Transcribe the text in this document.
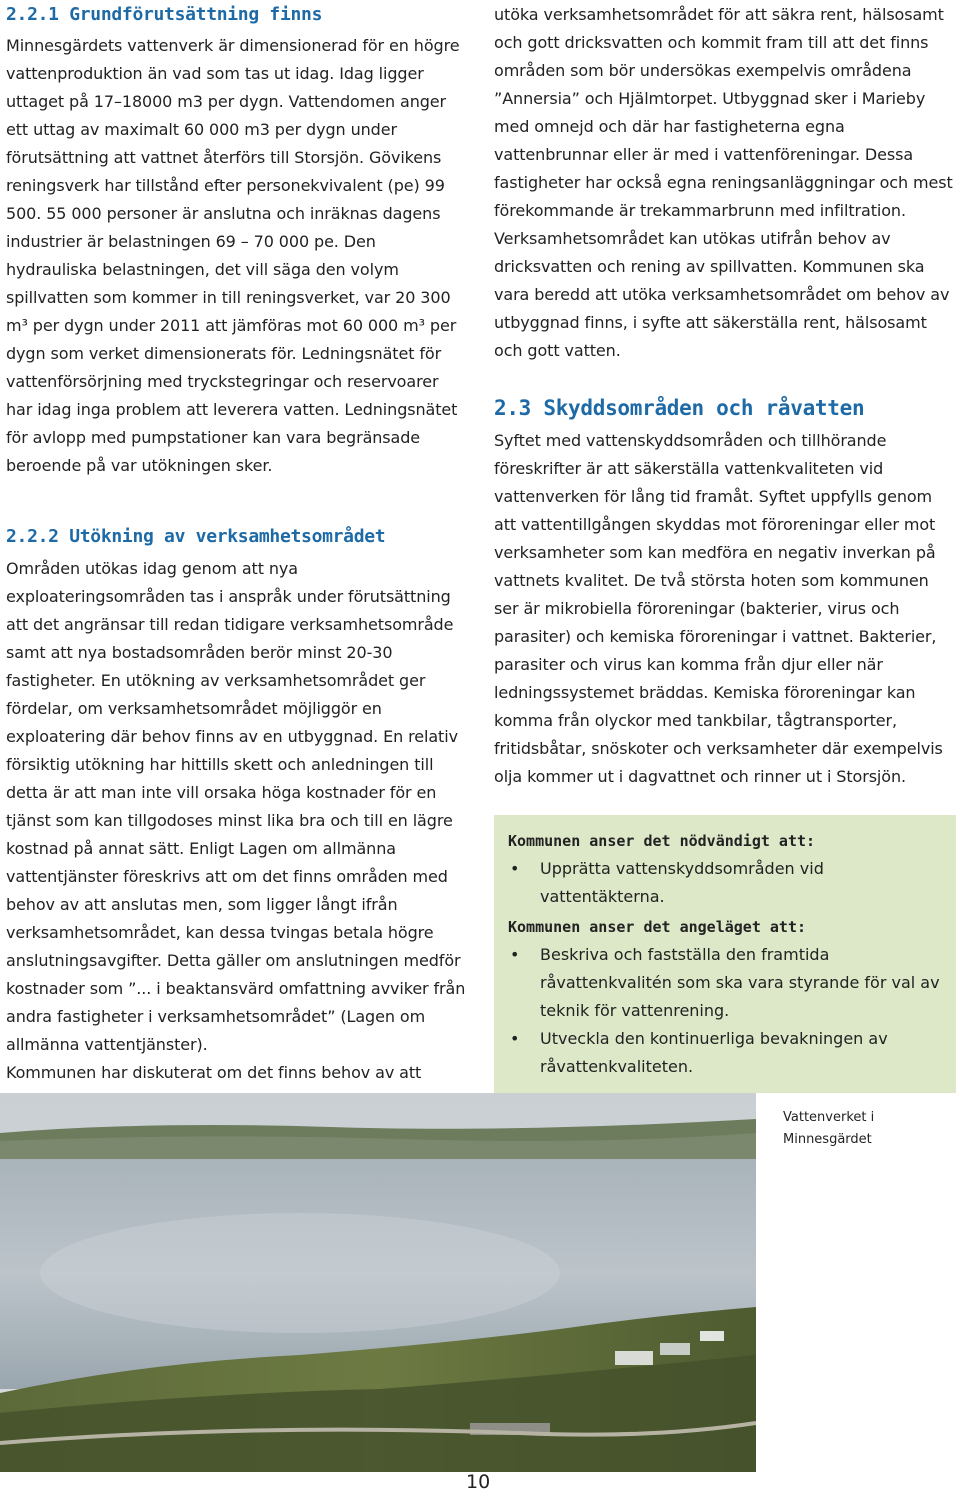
2.2.1 Grundförutsättning finns

Minnesgärdets vattenverk är dimensionerad för en högre vattenproduktion än vad som tas ut idag. Idag ligger uttaget på 17–18000 m3 per dygn. Vattendomen anger ett uttag av maximalt 60 000 m3 per dygn under förutsättning att vattnet återförs till Storsjön. Gövikens reningsverk har tillstånd efter personekvivalent (pe) 99 500. 55 000 personer är anslutna och inräknas dagens industrier är belastningen 69 – 70 000 pe. Den hydrauliska belastningen, det vill säga den volym spillvatten som kommer in till reningsverket, var 20 300 m³ per dygn under 2011 att jämföras mot 60 000 m³ per dygn som verket dimensionerats för. Ledningsnätet för vattenförsörjning med tryckstegringar och reservoarer har idag inga problem att leverera vatten. Ledningsnätet för avlopp med pumpstationer kan vara begränsade beroende på var utökningen sker.

2.2.2 Utökning av verksamhetsområdet

Områden utökas idag genom att nya exploateringsområden tas i anspråk under förutsättning att det angränsar till redan tidigare verksamhetsområde samt att nya bostadsområden berör minst 20-30 fastigheter. En utökning av verksamhetsområdet ger fördelar, om verksamhetsområdet möjliggör en exploatering där behov finns av en utbyggnad. En relativ försiktig utökning har hittills skett och anledningen till detta är att man inte vill orsaka höga kostnader för en tjänst som kan tillgodoses minst lika bra och till en lägre kostnad på annat sätt. Enligt Lagen om allmänna vattentjänster föreskrivs att om det finns områden med behov av att anslutas men, som ligger långt ifrån verksamhetsområdet, kan dessa tvingas betala högre anslutningsavgifter. Detta gäller om anslutningen medför kostnader som ”... i beaktansvärd omfattning avviker från andra fastigheter i verksamhetsområdet” (Lagen om allmänna vattentjänster).

Kommunen har diskuterat om det finns behov av att

utöka verksamhetsområdet för att säkra rent, hälsosamt och gott dricksvatten och kommit fram till att det finns områden som bör undersökas exempelvis områdena ”Annersia” och Hjälmtorpet. Utbyggnad sker i Marieby med omnejd och där har fastigheterna egna vattenbrunnar eller är med i vattenföreningar. Dessa fastigheter har också egna reningsanläggningar och mest förekommande är trekammarbrunn med infiltration. Verksamhetsområdet kan utökas utifrån behov av dricksvatten och rening av spillvatten. Kommunen ska vara beredd att utöka verksamhetsområdet om behov av utbyggnad finns, i syfte att säkerställa rent, hälsosamt och gott vatten.

2.3 Skyddsområden och råvatten

Syftet med vattenskyddsområden och tillhörande föreskrifter är att säkerställa vattenkvaliteten vid vattenverken för lång tid framåt. Syftet uppfylls genom att vattentillgången skyddas mot föroreningar eller mot verksamheter som kan medföra en negativ inverkan på vattnets kvalitet. De två största hoten som kommunen ser är mikrobiella föroreningar (bakterier, virus och parasiter) och kemiska föroreningar i vattnet. Bakterier, parasiter och virus kan komma från djur eller när ledningssystemet bräddas. Kemiska föroreningar kan komma från olyckor med tankbilar, tågtransporter, fritidsbåtar, snöskoter och verksamheter där exempelvis olja kommer ut i dagvattnet och rinner ut i Storsjön.

Kommunen anser det nödvändigt att:

• Upprätta vattenskyddsområden vid vattentäkterna.

Kommunen anser det angeläget att:

• Beskriva och fastställa den framtida råvattenkvalitén som ska vara styrande för val av teknik för vattenrening.
• Utveckla den kontinuerliga bevakningen av råvattenkvaliteten.
Vattenverket i Minnesgärdet
10
